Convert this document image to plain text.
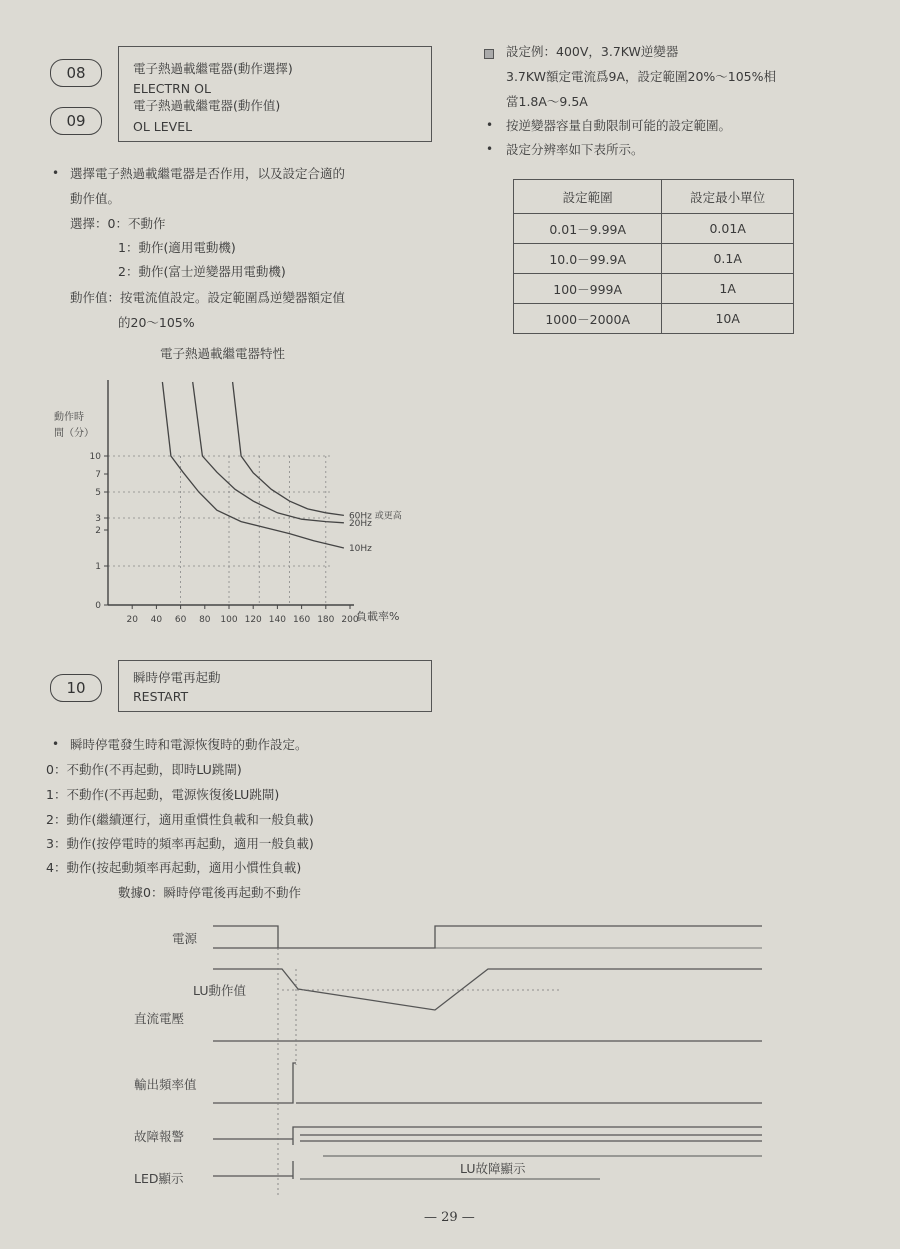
08
09
電子熱過載繼電器(動作選擇)
ELECTRN OL
電子熱過載繼電器(動作值)
OL LEVEL
• 選擇電子熱過載繼電器是否作用，以及設定合適的
動作值。
選擇：0：不動作
1：動作(適用電動機)
2：動作(富士逆變器用電動機)
動作值：按電流值設定。設定範圍爲逆變器額定值
的20～105%
電子熱過載繼電器特性
動作時
間（分）
負載率%
20 40 60 80 100 120 140 160 180 200
0
1
2
3
5
7
10
60Hz 或更高
20Hz
10Hz
10
瞬時停電再起動
RESTART
• 瞬時停電發生時和電源恢復時的動作設定。
0：不動作(不再起動，即時LU跳閘)
1：不動作(不再起動，電源恢復後LU跳閘)
2：動作(繼續運行，適用重慣性負載和一般負載)
3：動作(按停電時的頻率再起動，適用一般負載)
4：動作(按起動頻率再起動，適用小慣性負載)
數據0：瞬時停電後再起動不動作
電源
LU動作值
直流電壓
輸出頻率值
故障報警
LED顯示
LU故障顯示
設定例：400V，3.7KW逆變器
3.7KW額定電流爲9A，設定範圍20%～105%相
當1.8A～9.5A
• 按逆變器容量自動限制可能的設定範圍。
• 設定分辨率如下表所示。
設定範圍	設定最小單位
0.01－9.99A	0.01A
10.0－99.9A	0.1A
100－999A	1A
1000－2000A	10A
— 29 —
